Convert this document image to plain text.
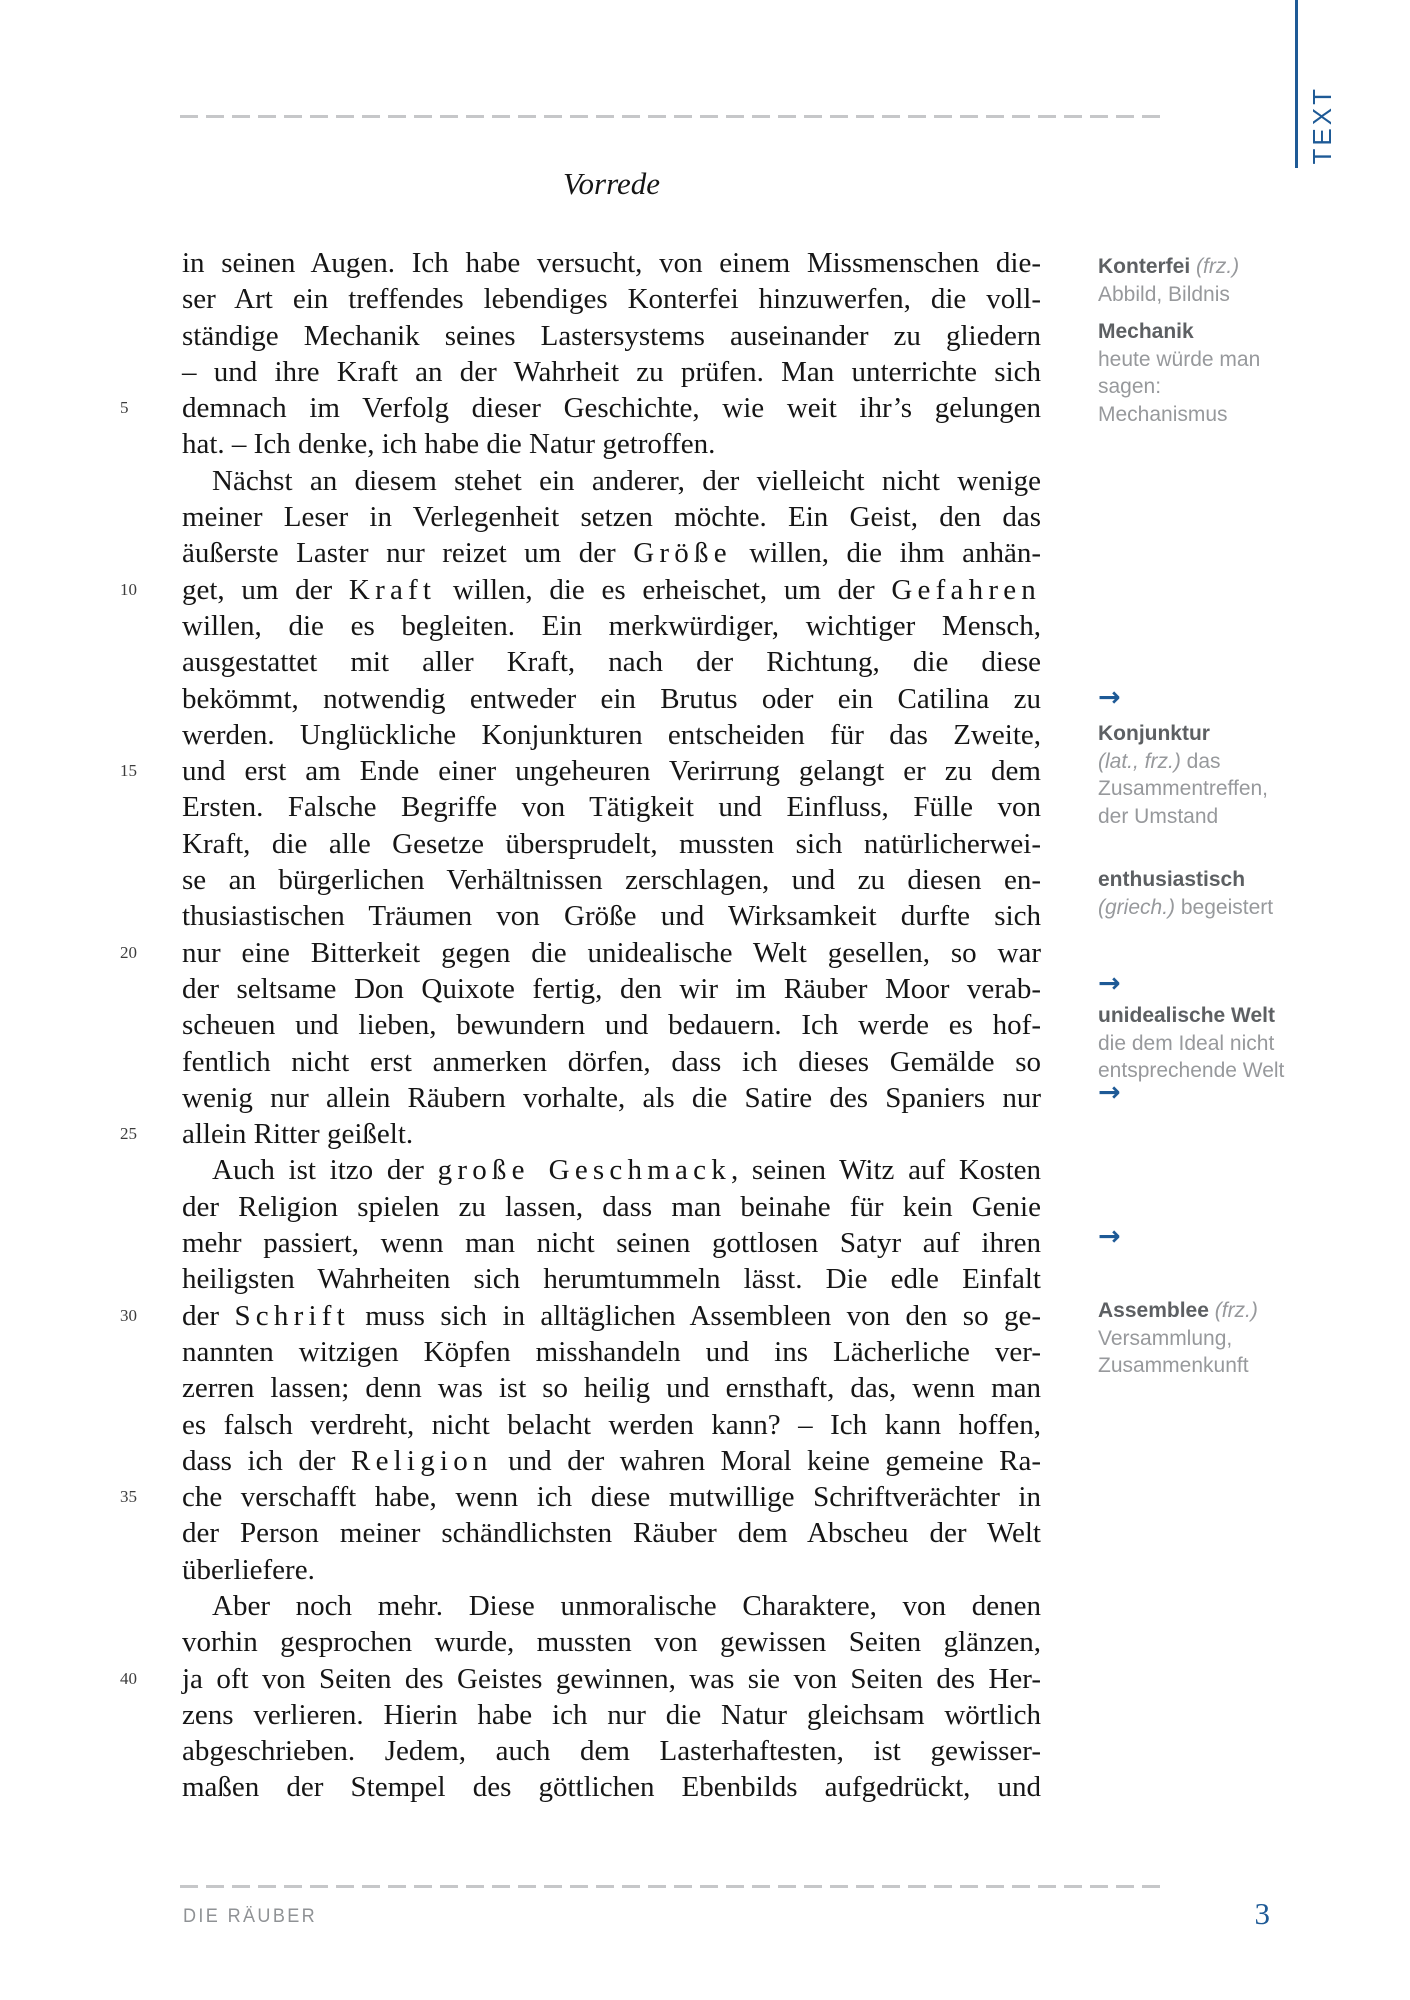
TEXT
Vorrede
in seinen Augen. Ich habe versucht, von einem Missmenschen die-
ser Art ein treffendes lebendiges Konterfei hinzuwerfen, die voll-
ständige Mechanik seines Lastersystems auseinander zu gliedern
– und ihre Kraft an der Wahrheit zu prüfen. Man unterrichte sich
5	demnach im Verfolg dieser Geschichte, wie weit ihr’s gelungen
hat. – Ich denke, ich habe die Natur getroffen.
Nächst an diesem stehet ein anderer, der vielleicht nicht wenige
meiner Leser in Verlegenheit setzen möchte. Ein Geist, den das
äußerste Laster nur reizet um der Größe willen, die ihm anhän-
10	get, um der Kraft willen, die es erheischet, um der Gefahren
willen, die es begleiten. Ein merkwürdiger, wichtiger Mensch,
ausgestattet mit aller Kraft, nach der Richtung, die diese
bekömmt, notwendig entweder ein Brutus oder ein Catilina zu
werden. Unglückliche Konjunkturen entscheiden für das Zweite,
15	und erst am Ende einer ungeheuren Verirrung gelangt er zu dem
Ersten. Falsche Begriffe von Tätigkeit und Einfluss, Fülle von
Kraft, die alle Gesetze übersprudelt, mussten sich natürlicherwei-
se an bürgerlichen Verhältnissen zerschlagen, und zu diesen en-
thusiastischen Träumen von Größe und Wirksamkeit durfte sich
20	nur eine Bitterkeit gegen die unidealische Welt gesellen, so war
der seltsame Don Quixote fertig, den wir im Räuber Moor verab-
scheuen und lieben, bewundern und bedauern. Ich werde es hof-
fentlich nicht erst anmerken dörfen, dass ich dieses Gemälde so
wenig nur allein Räubern vorhalte, als die Satire des Spaniers nur
25	allein Ritter geißelt.
Auch ist itzo der große Geschmack, seinen Witz auf Kosten
der Religion spielen zu lassen, dass man beinahe für kein Genie
mehr passiert, wenn man nicht seinen gottlosen Satyr auf ihren
heiligsten Wahrheiten sich herumtummeln lässt. Die edle Einfalt
30	der Schrift muss sich in alltäglichen Assembleen von den so ge-
nannten witzigen Köpfen misshandeln und ins Lächerliche ver-
zerren lassen; denn was ist so heilig und ernsthaft, das, wenn man
es falsch verdreht, nicht belacht werden kann? – Ich kann hoffen,
dass ich der Religion und der wahren Moral keine gemeine Ra-
35	che verschafft habe, wenn ich diese mutwillige Schriftverächter in
der Person meiner schändlichsten Räuber dem Abscheu der Welt
überliefere.
Aber noch mehr. Diese unmoralische Charaktere, von denen
vorhin gesprochen wurde, mussten von gewissen Seiten glänzen,
40	ja oft von Seiten des Geistes gewinnen, was sie von Seiten des Her-
zens verlieren. Hierin habe ich nur die Natur gleichsam wörtlich
abgeschrieben. Jedem, auch dem Lasterhaftesten, ist gewisser-
maßen der Stempel des göttlichen Ebenbilds aufgedrückt, und
Konterfei (frz.)
Abbild, Bildnis
Mechanik
heute würde man
sagen:
Mechanismus
→
Konjunktur
(lat., frz.) das
Zusammentreffen,
der Umstand
enthusiastisch
(griech.) begeistert
→
unidealische Welt
die dem Ideal nicht
entsprechende Welt
→
→
Assemblee (frz.)
Versammlung,
Zusammenkunft
DIE RÄUBER	3
